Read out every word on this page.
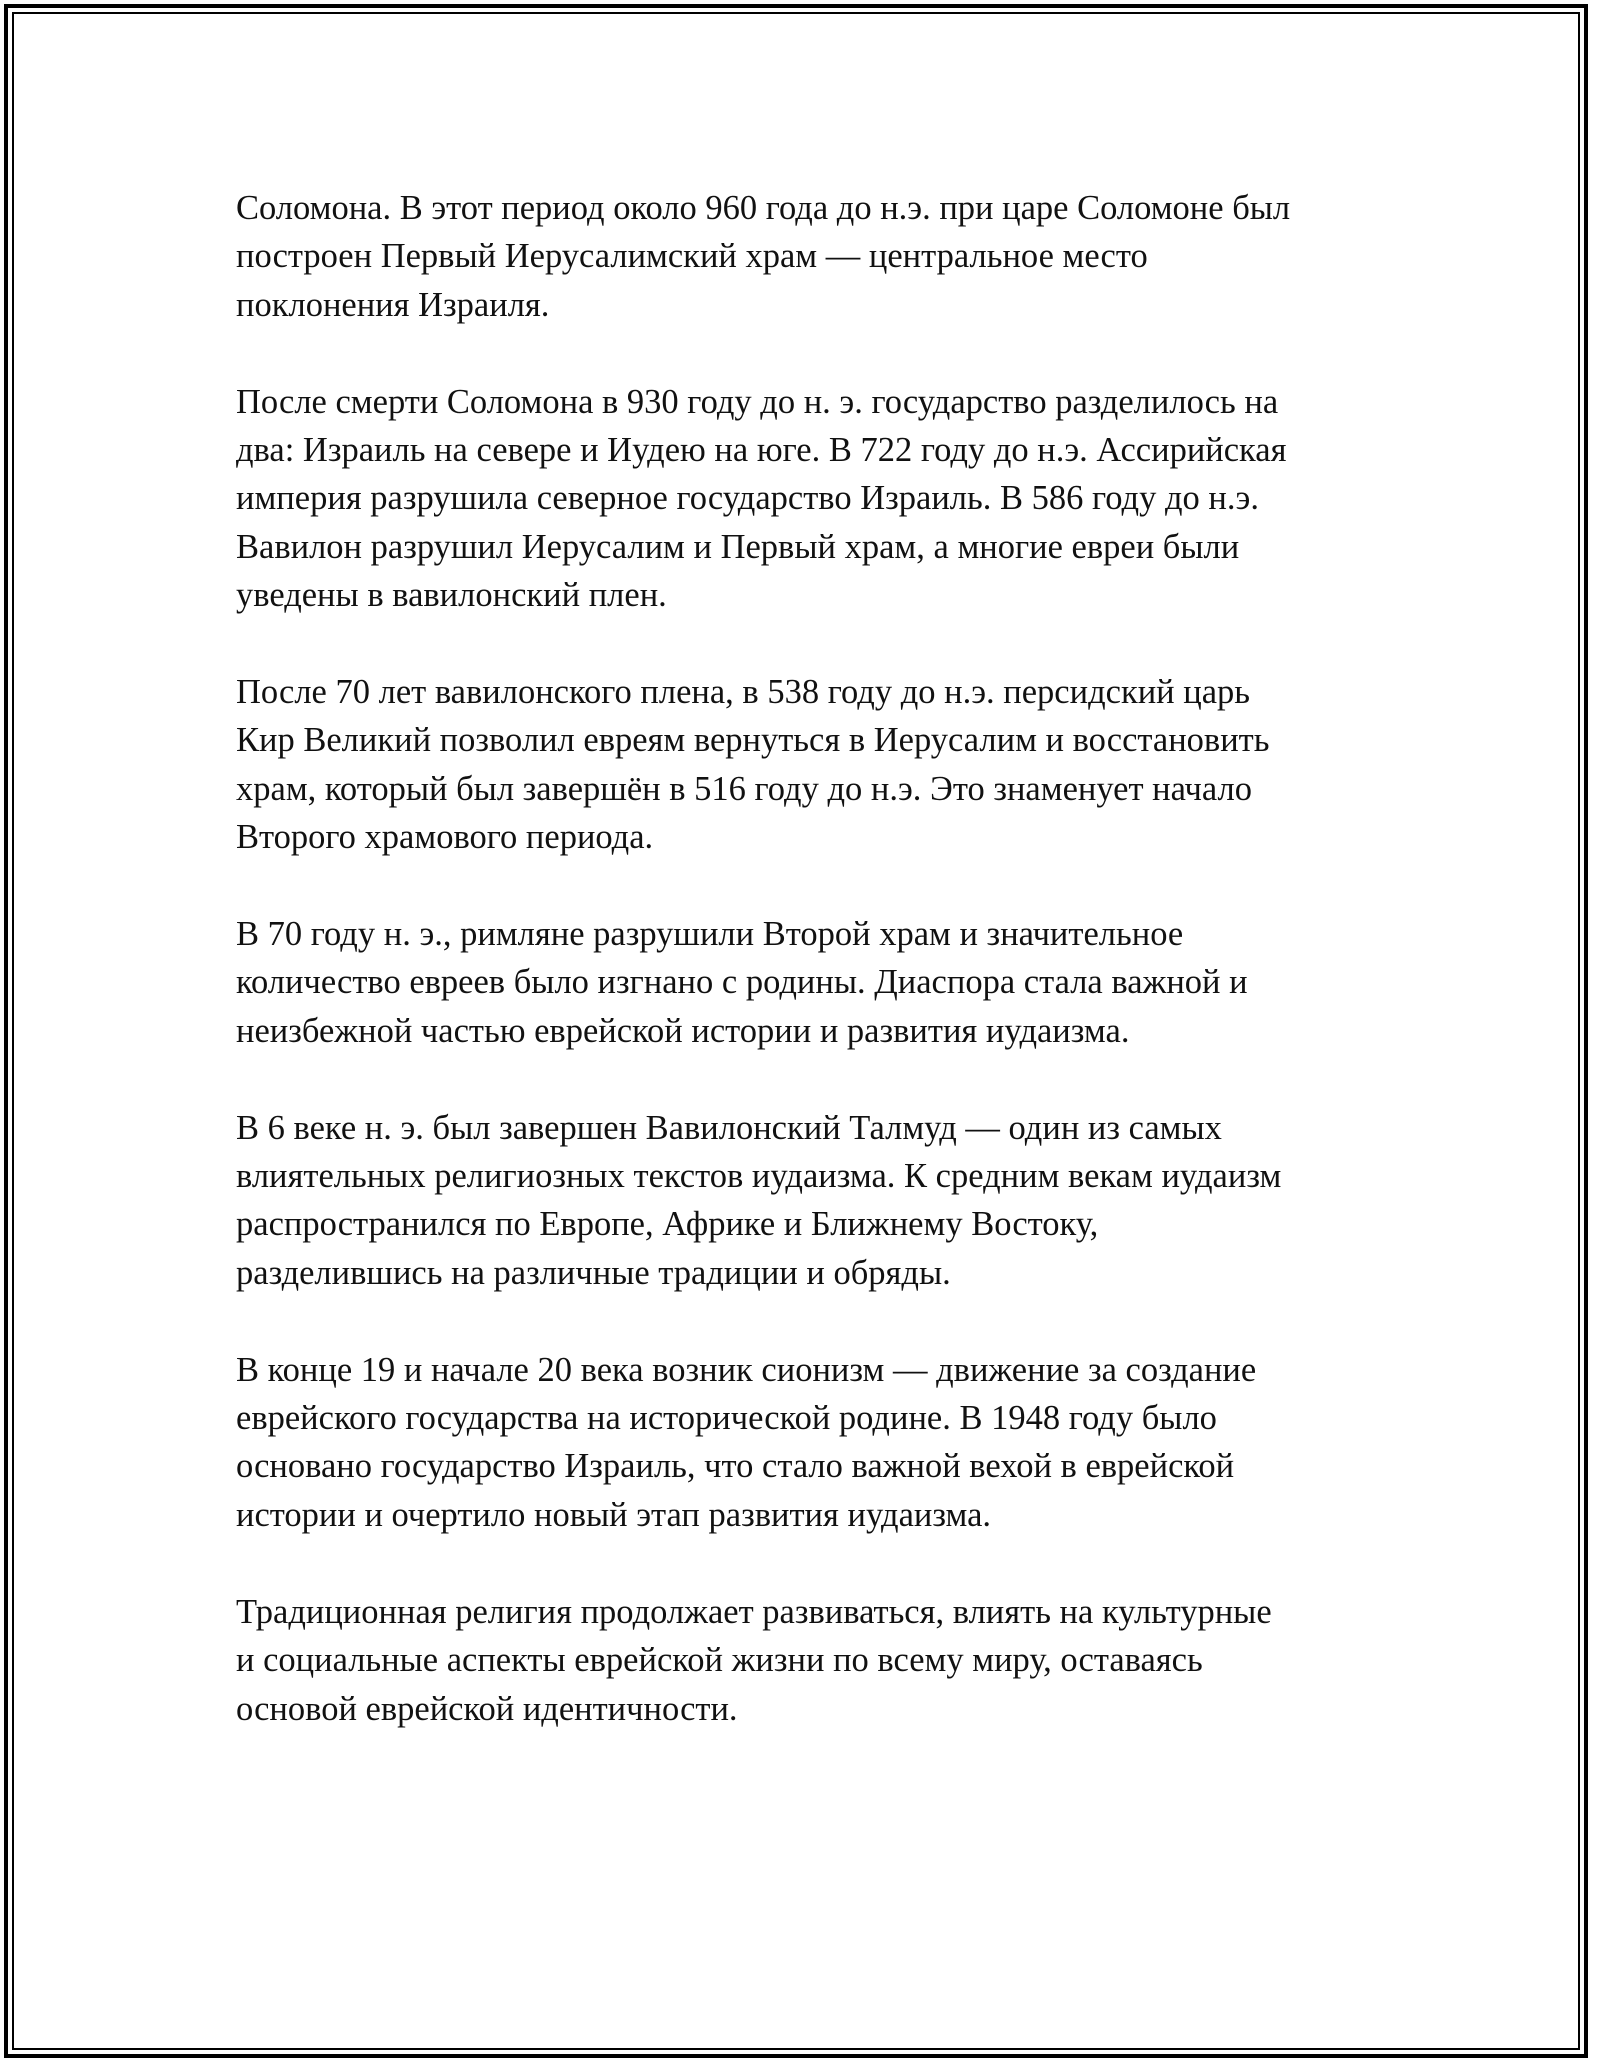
Соломона. В этот период около 960 года до н.э. при царе Соломоне был
построен Первый Иерусалимский храм — центральное место
поклонения Израиля.

После смерти Соломона в 930 году до н. э. государство разделилось на
два: Израиль на севере и Иудею на юге. В 722 году до н.э. Ассирийская
империя разрушила северное государство Израиль. В 586 году до н.э.
Вавилон разрушил Иерусалим и Первый храм, а многие евреи были
уведены в вавилонский плен.

После 70 лет вавилонского плена, в 538 году до н.э. персидский царь
Кир Великий позволил евреям вернуться в Иерусалим и восстановить
храм, который был завершён в 516 году до н.э. Это знаменует начало
Второго храмового периода.

В 70 году н. э., римляне разрушили Второй храм и значительное
количество евреев было изгнано с родины. Диаспора стала важной и
неизбежной частью еврейской истории и развития иудаизма.

В 6 веке н. э. был завершен Вавилонский Талмуд — один из самых
влиятельных религиозных текстов иудаизма. К средним векам иудаизм
распространился по Европе, Африке и Ближнему Востоку,
разделившись на различные традиции и обряды.

В конце 19 и начале 20 века возник сионизм — движение за создание
еврейского государства на исторической родине. В 1948 году было
основано государство Израиль, что стало важной вехой в еврейской
истории и очертило новый этап развития иудаизма.

Традиционная религия продолжает развиваться, влиять на культурные
и социальные аспекты еврейской жизни по всему миру, оставаясь
основой еврейской идентичности.
